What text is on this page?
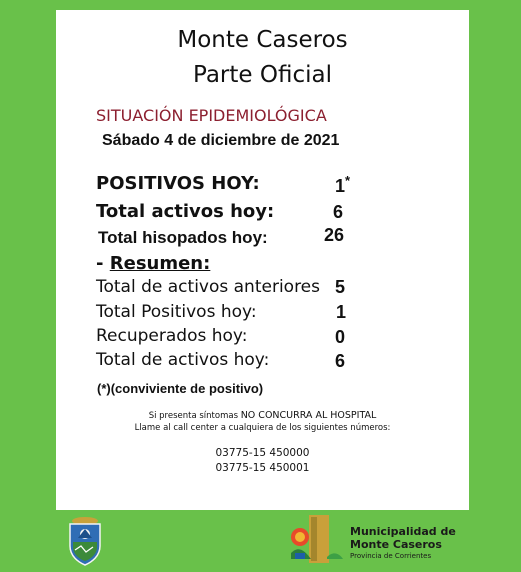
Monte Caseros
Parte Oficial
SITUACIÓN EPIDEMIOLÓGICA
Sábado 4 de diciembre de 2021
POSITIVOS HOY:	1*
Total activos hoy:	6
Total hisopados hoy:	26
- Resumen:
Total de activos anteriores 5
Total Positivos hoy:	1
Recuperados hoy:	0
Total de activos hoy:	6
(*)(conviviente de positivo)
Si presenta síntomas NO CONCURRA AL HOSPITAL
Llame al call center a cualquiera de los siguientes números:
03775-15 450000
03775-15 450001
Municipalidad de
Monte Caseros
Provincia de Corrientes
